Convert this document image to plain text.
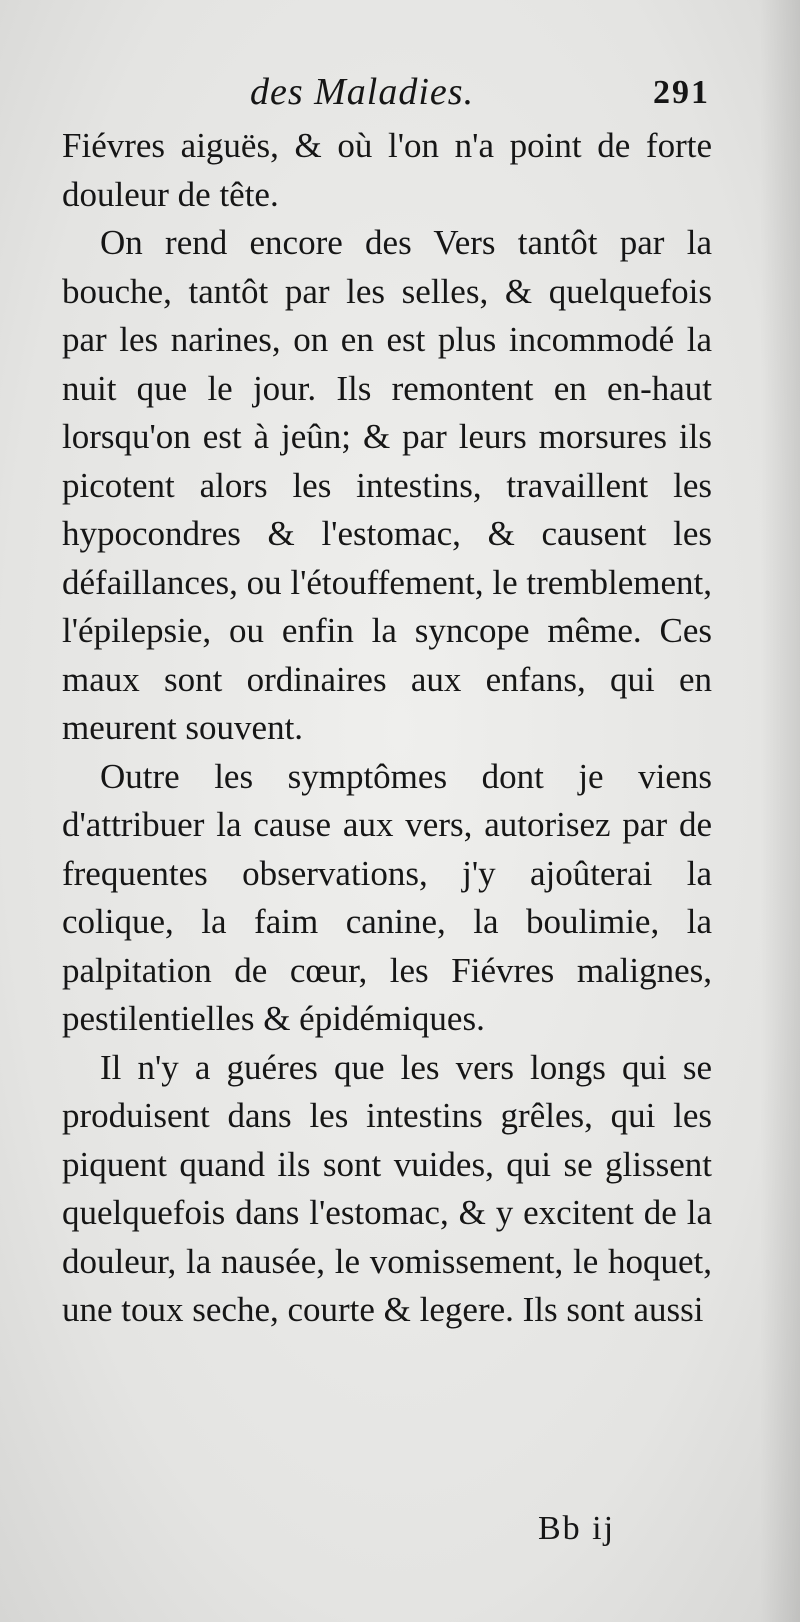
des Maladies.	291

Fiévres aiguës, & où l'on n'a point de forte douleur de tête.

On rend encore des Vers tantôt par la bouche, tantôt par les selles, & quelquefois par les narines, on en est plus incommodé la nuit que le jour. Ils remontent en en-haut lorsqu'on est à jeûn; & par leurs morsures ils picotent alors les intestins, travaillent les hypocondres & l'estomac, & causent les défaillances, ou l'étouffement, le tremblement, l'épilepsie, ou enfin la syncope même. Ces maux sont ordinaires aux enfans, qui en meurent souvent.

Outre les symptômes dont je viens d'attribuer la cause aux vers, autorisez par de frequentes observations, j'y ajoûterai la colique, la faim canine, la boulimie, la palpitation de cœur, les Fiévres malignes, pestilentielles & épidémiques.

Il n'y a guéres que les vers longs qui se produisent dans les intestins grêles, qui les piquent quand ils sont vuides, qui se glissent quelquefois dans l'estomac, & y excitent de la douleur, la nausée, le vomissement, le hoquet, une toux seche, courte & legere. Ils sont aussi

Bb ij
